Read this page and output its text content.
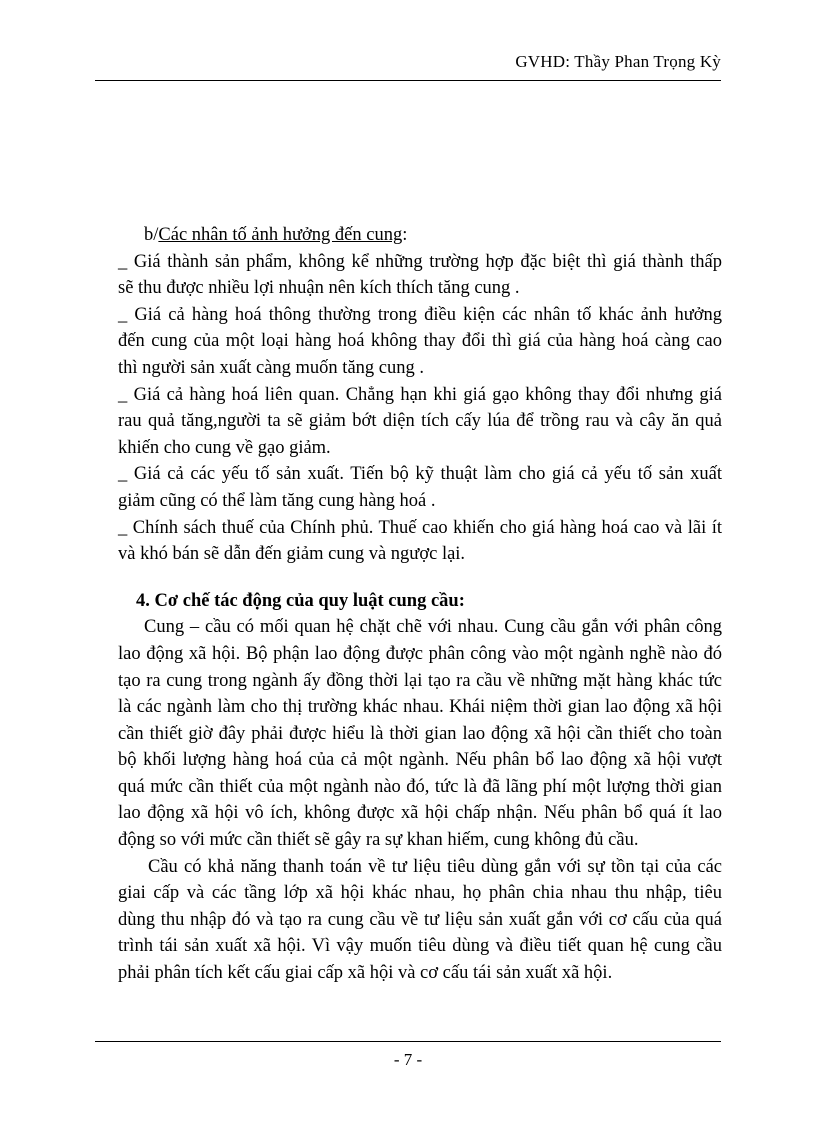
GVHD: Thầy Phan Trọng Kỳ
b/Các nhân tố ảnh hưởng đến cung:
_ Giá thành sản phẩm, không kể những trường hợp đặc biệt thì giá thành thấp
sẽ thu được nhiều lợi nhuận nên kích thích tăng cung .
_ Giá cả hàng hoá thông thường trong điều kiện các nhân tố khác ảnh hưởng
đến cung của một loại hàng hoá không thay đổi thì giá của hàng hoá càng cao
thì người sản xuất càng muốn tăng cung .
_ Giá cả hàng hoá liên quan. Chẳng hạn khi giá gạo không thay đổi nhưng giá
rau quả tăng,người ta sẽ giảm bớt diện tích cấy lúa để trồng rau và cây ăn quả
khiến cho cung về gạo giảm.
_ Giá cả các yếu tố sản xuất. Tiến bộ kỹ thuật làm cho giá cả yếu tố sản xuất
giảm cũng có thể làm tăng cung hàng hoá .
_ Chính sách thuế của Chính phủ. Thuế cao khiến cho giá hàng hoá cao và lãi ít
và khó bán sẽ dẫn đến giảm cung và ngược lại.
4. Cơ chế tác động của quy luật cung cầu:
Cung – cầu có mối quan hệ chặt chẽ với nhau. Cung cầu gắn với phân công
lao động xã hội. Bộ phận lao động được phân công vào một ngành nghề nào đó
tạo ra cung trong ngành ấy đồng thời lại tạo ra cầu về những mặt hàng khác tức
là các ngành làm cho thị trường khác nhau. Khái niệm thời gian lao động xã hội
cần thiết giờ đây phải được hiểu là thời gian lao động xã hội cần thiết cho toàn
bộ khối lượng hàng hoá của cả một ngành. Nếu phân bổ lao động xã hội vượt
quá mức cần thiết của một ngành nào đó, tức là đã lãng phí một lượng thời gian
lao động xã hội vô ích, không được xã hội chấp nhận. Nếu phân bổ quá ít lao
động so với mức cần thiết sẽ gây ra sự khan hiếm, cung không đủ cầu.
Cầu có khả năng thanh toán về tư liệu tiêu dùng gắn với sự tồn tại của các
giai cấp và các tầng lớp xã hội khác nhau, họ phân chia nhau thu nhập, tiêu
dùng thu nhập đó và tạo ra cung cầu về tư liệu sản xuất gắn với cơ cấu của quá
trình tái sản xuất xã hội. Vì vậy muốn tiêu dùng và điều tiết quan hệ cung cầu
phải phân tích kết cấu giai cấp xã hội và cơ cấu tái sản xuất xã hội.
- 7 -
